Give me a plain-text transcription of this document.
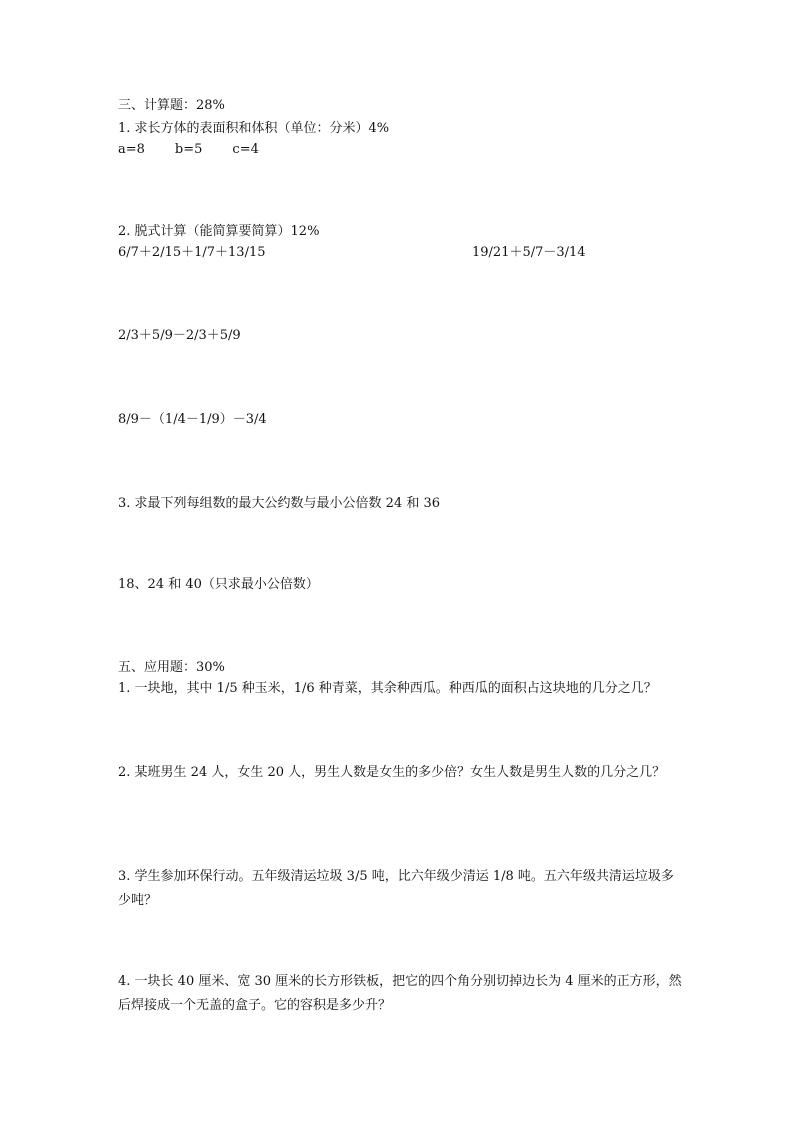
三、计算题：28%
1. 求长方体的表面积和体积（单位：分米）4%
a=8 b=5 c=4
2. 脱式计算（能简算要简算）12%
6/7＋2/15＋1/7＋13/15	19/21＋5/7－3/14
2/3＋5/9－2/3＋5/9
8/9－（1/4－1/9）－3/4
3. 求最下列每组数的最大公约数与最小公倍数 24 和 36
18、24 和 40（只求最小公倍数）
五、应用题：30%
1. 一块地，其中 1/5 种玉米，1/6 种青菜，其余种西瓜。种西瓜的面积占这块地的几分之几？
2. 某班男生 24 人，女生 20 人，男生人数是女生的多少倍？女生人数是男生人数的几分之几？
3. 学生参加环保行动。五年级清运垃圾 3/5 吨，比六年级少清运 1/8 吨。五六年级共清运垃圾多少吨？
4. 一块长 40 厘米、宽 30 厘米的长方形铁板，把它的四个角分别切掉边长为 4 厘米的正方形，然后焊接成一个无盖的盒子。它的容积是多少升？
